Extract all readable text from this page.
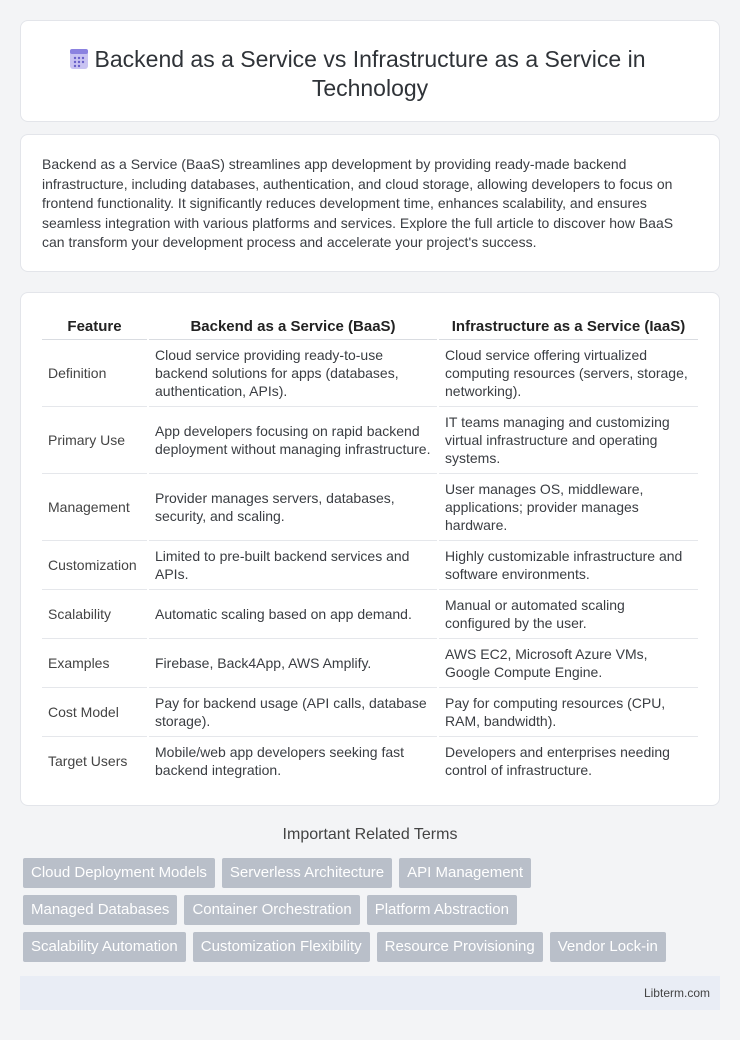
Backend as a Service vs Infrastructure as a Service in Technology

Backend as a Service (BaaS) streamlines app development by providing ready-made backend infrastructure, including databases, authentication, and cloud storage, allowing developers to focus on frontend functionality. It significantly reduces development time, enhances scalability, and ensures seamless integration with various platforms and services. Explore the full article to discover how BaaS can transform your development process and accelerate your project's success.

Feature	Backend as a Service (BaaS)	Infrastructure as a Service (IaaS)
Definition	Cloud service providing ready-to-use backend solutions for apps (databases, authentication, APIs).	Cloud service offering virtualized computing resources (servers, storage, networking).
Primary Use	App developers focusing on rapid backend deployment without managing infrastructure.	IT teams managing and customizing virtual infrastructure and operating systems.
Management	Provider manages servers, databases, security, and scaling.	User manages OS, middleware, applications; provider manages hardware.
Customization	Limited to pre-built backend services and APIs.	Highly customizable infrastructure and software environments.
Scalability	Automatic scaling based on app demand.	Manual or automated scaling configured by the user.
Examples	Firebase, Back4App, AWS Amplify.	AWS EC2, Microsoft Azure VMs, Google Compute Engine.
Cost Model	Pay for backend usage (API calls, database storage).	Pay for computing resources (CPU, RAM, bandwidth).
Target Users	Mobile/web app developers seeking fast backend integration.	Developers and enterprises needing control of infrastructure.
Important Related Terms
Cloud Deployment Models	Serverless Architecture	API Management
Managed Databases	Container Orchestration	Platform Abstraction
Scalability Automation	Customization Flexibility	Resource Provisioning	Vendor Lock-in
Libterm.com
